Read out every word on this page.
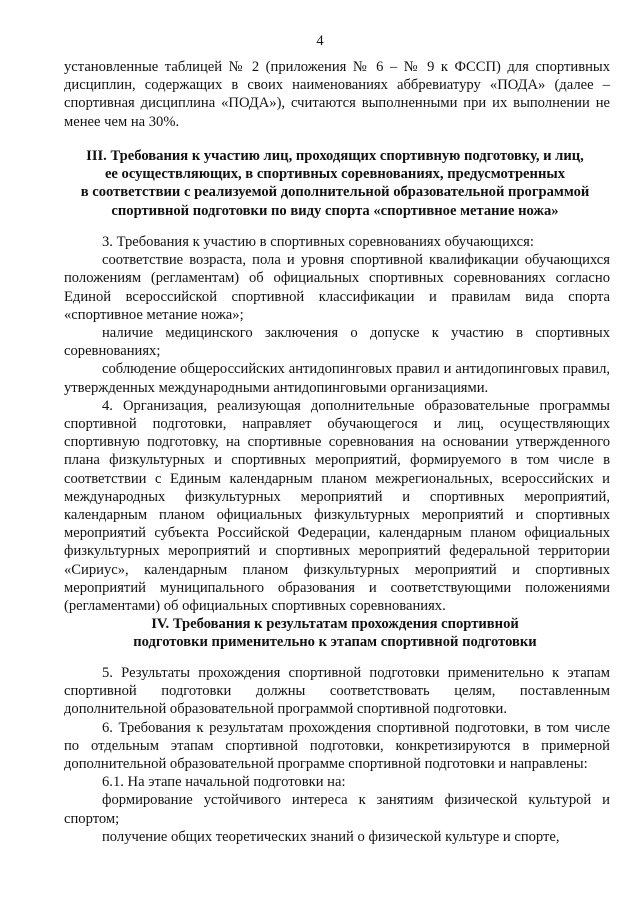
4

установленные таблицей № 2 (приложения № 6 – № 9 к ФССП) для спортивных дисциплин, содержащих в своих наименованиях аббревиатуру «ПОДА» (далее – спортивная дисциплина «ПОДА»), считаются выполненными при их выполнении не менее чем на 30%.

III. Требования к участию лиц, проходящих спортивную подготовку, и лиц,
ее осуществляющих, в спортивных соревнованиях, предусмотренных
в соответствии с реализуемой дополнительной образовательной программой
спортивной подготовки по виду спорта «спортивное метание ножа»

3. Требования к участию в спортивных соревнованиях обучающихся:

соответствие возраста, пола и уровня спортивной квалификации обучающихся положениям (регламентам) об официальных спортивных соревнованиях согласно Единой всероссийской спортивной классификации и правилам вида спорта «спортивное метание ножа»;

наличие медицинского заключения о допуске к участию в спортивных соревнованиях;

соблюдение общероссийских антидопинговых правил и антидопинговых правил, утвержденных международными антидопинговыми организациями.

4. Организация, реализующая дополнительные образовательные программы спортивной подготовки, направляет обучающегося и лиц, осуществляющих спортивную подготовку, на спортивные соревнования на основании утвержденного плана физкультурных и спортивных мероприятий, формируемого в том числе в соответствии с Единым календарным планом межрегиональных, всероссийских и международных физкультурных мероприятий и спортивных мероприятий, календарным планом официальных физкультурных мероприятий и спортивных мероприятий субъекта Российской Федерации, календарным планом официальных физкультурных мероприятий и спортивных мероприятий федеральной территории «Сириус», календарным планом физкультурных мероприятий и спортивных мероприятий муниципального образования и соответствующими положениями (регламентами) об официальных спортивных соревнованиях.

IV. Требования к результатам прохождения спортивной
подготовки применительно к этапам спортивной подготовки

5. Результаты прохождения спортивной подготовки применительно к этапам спортивной подготовки должны соответствовать целям, поставленным дополнительной образовательной программой спортивной подготовки.

6. Требования к результатам прохождения спортивной подготовки, в том числе по отдельным этапам спортивной подготовки, конкретизируются в примерной дополнительной образовательной программе спортивной подготовки и направлены:

6.1. На этапе начальной подготовки на:

формирование устойчивого интереса к занятиям физической культурой и спортом;

получение общих теоретических знаний о физической культуре и спорте,
